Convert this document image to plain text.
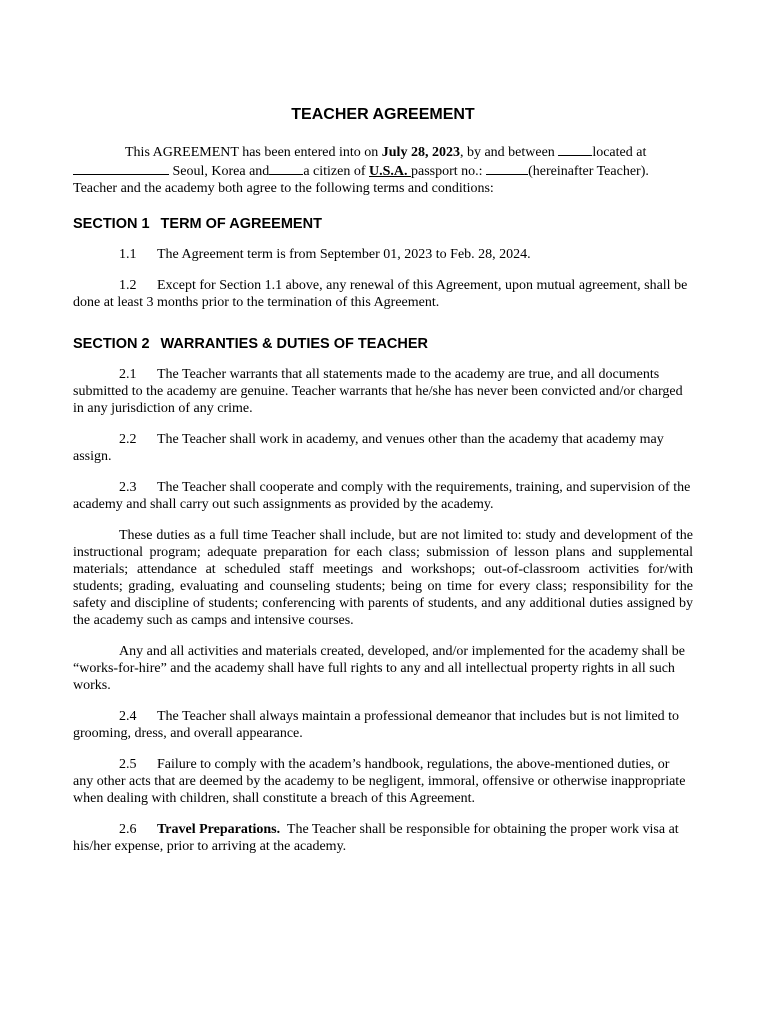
TEACHER AGREEMENT

This AGREEMENT has been entered into on July 28, 2023, by and between located at  Seoul, Korea and a citizen of U.S.A. passport no.:	(hereinafter Teacher). Teacher and the academy both agree to the following terms and conditions:

SECTION 1 TERM OF AGREEMENT

1.1 The Agreement term is from September 01, 2023 to Feb. 28, 2024.

1.2 Except for Section 1.1 above, any renewal of this Agreement, upon mutual agreement, shall be done at least 3 months prior to the termination of this Agreement.

SECTION 2 WARRANTIES & DUTIES OF TEACHER

2.1 The Teacher warrants that all statements made to the academy are true, and all documents submitted to the academy are genuine. Teacher warrants that he/she has never been convicted and/or charged in any jurisdiction of any crime.

2.2 The Teacher shall work in academy, and venues other than the academy that academy may assign.

2.3 The Teacher shall cooperate and comply with the requirements, training, and supervision of the academy and shall carry out such assignments as provided by the academy.

These duties as a full time Teacher shall include, but are not limited to: study and development of the instructional program; adequate preparation for each class; submission of lesson plans and supplemental materials; attendance at scheduled staff meetings and workshops; out-of-classroom activities for/with students; grading, evaluating and counseling students; being on time for every class; responsibility for the safety and discipline of students; conferencing with parents of students, and any additional duties assigned by the academy such as camps and intensive courses.

Any and all activities and materials created, developed, and/or implemented for the academy shall be “works-for-hire” and the academy shall have full rights to any and all intellectual property rights in all such works.

2.4 The Teacher shall always maintain a professional demeanor that includes but is not limited to grooming, dress, and overall appearance.

2.5 Failure to comply with the academ’s handbook, regulations, the above-mentioned duties, or any other acts that are deemed by the academy to be negligent, immoral, offensive or otherwise inappropriate when dealing with children, shall constitute a breach of this Agreement.

2.6 Travel Preparations.  The Teacher shall be responsible for obtaining the proper work visa at his/her expense, prior to arriving at the academy.
